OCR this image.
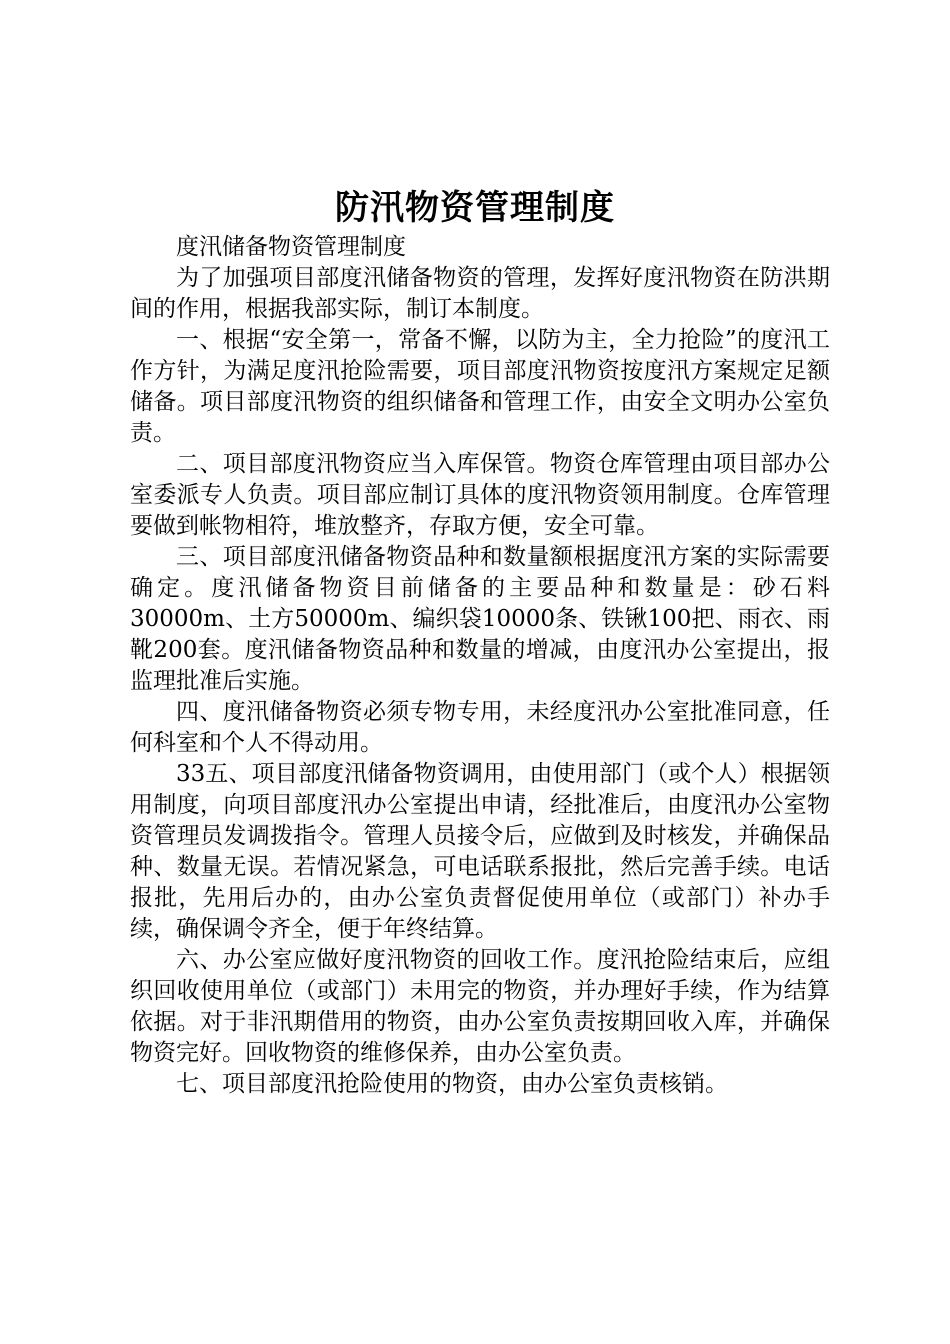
防汛物资管理制度

度汛储备物资管理制度

为了加强项目部度汛储备物资的管理，发挥好度汛物资在防洪期间的作用，根据我部实际，制订本制度。

一、根据“安全第一，常备不懈，以防为主，全力抢险”的度汛工作方针，为满足度汛抢险需要，项目部度汛物资按度汛方案规定足额储备。项目部度汛物资的组织储备和管理工作，由安全文明办公室负责。

二、项目部度汛物资应当入库保管。物资仓库管理由项目部办公室委派专人负责。项目部应制订具体的度汛物资领用制度。仓库管理要做到帐物相符，堆放整齐，存取方便，安全可靠。

三、项目部度汛储备物资品种和数量额根据度汛方案的实际需要确定。度汛储备物资目前储备的主要品种和数量是：砂石料30000m、土方50000m、编织袋10000条、铁锹100把、雨衣、雨靴200套。度汛储备物资品种和数量的增减，由度汛办公室提出，报监理批准后实施。

四、度汛储备物资必须专物专用，未经度汛办公室批准同意，任何科室和个人不得动用。

33五、项目部度汛储备物资调用，由使用部门（或个人）根据领用制度，向项目部度汛办公室提出申请，经批准后，由度汛办公室物资管理员发调拨指令。管理人员接令后，应做到及时核发，并确保品种、数量无误。若情况紧急，可电话联系报批，然后完善手续。电话报批，先用后办的，由办公室负责督促使用单位（或部门）补办手续，确保调令齐全，便于年终结算。

六、办公室应做好度汛物资的回收工作。度汛抢险结束后，应组织回收使用单位（或部门）未用完的物资，并办理好手续，作为结算依据。对于非汛期借用的物资，由办公室负责按期回收入库，并确保物资完好。回收物资的维修保养，由办公室负责。

七、项目部度汛抢险使用的物资，由办公室负责核销。
